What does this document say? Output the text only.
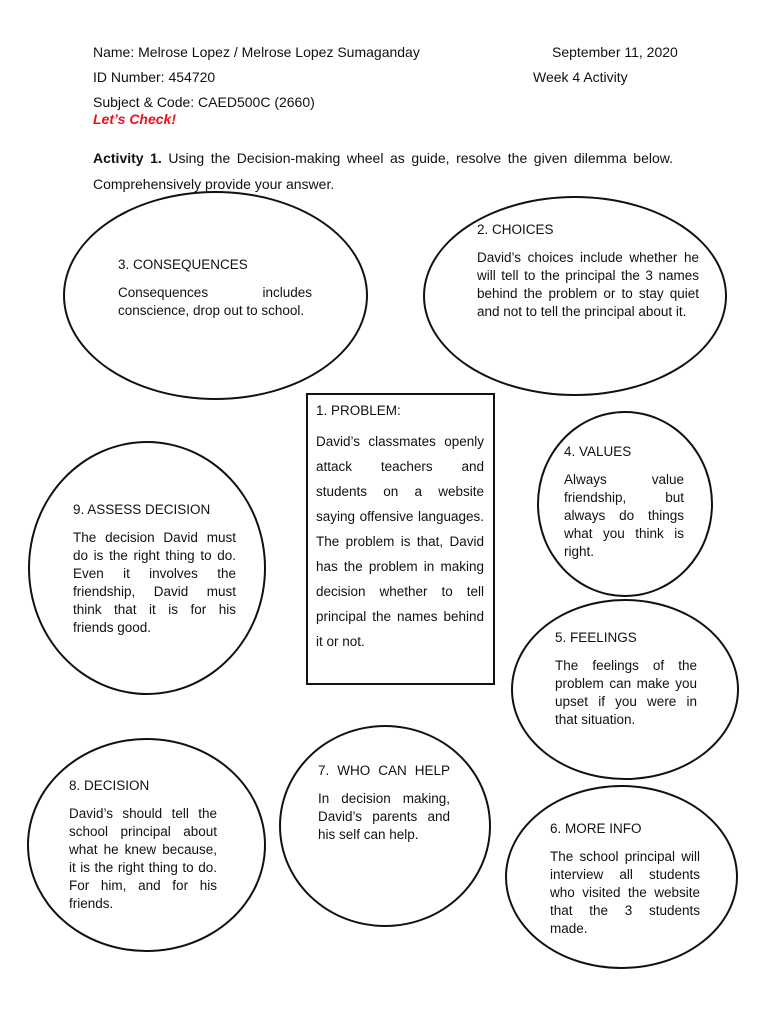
Name: Melrose Lopez / Melrose Lopez Sumaganday	September 11, 2020
ID Number: 454720	Week 4 Activity
Subject & Code: CAED500C (2660)
Let’s Check!
Activity 1. Using the Decision-making wheel as guide, resolve the given dilemma below. Comprehensively provide your answer.
3. CONSEQUENCES
Consequences includes conscience, drop out to school.
2. CHOICES
David’s choices include whether he will tell to the principal the 3 names behind the problem or to stay quiet and not to tell the principal about it.
1. PROBLEM:
David’s classmates openly attack teachers and students on a website saying offensive languages. The problem is that, David has the problem in making decision whether to tell principal the names behind it or not.
4. VALUES
Always value friendship, but always do things what you think is right.
9. ASSESS DECISION
The decision David must do is the right thing to do. Even it involves the friendship, David must think that it is for his friends good.
5. FEELINGS
The feelings of the problem can make you upset if you were in that situation.
7. WHO CAN HELP
In decision making, David’s parents and his self can help.
8. DECISION
David’s should tell the school principal about what he knew because, it is the right thing to do. For him, and for his friends.
6. MORE INFO
The school principal will interview all students who visited the website that the 3 students made.
